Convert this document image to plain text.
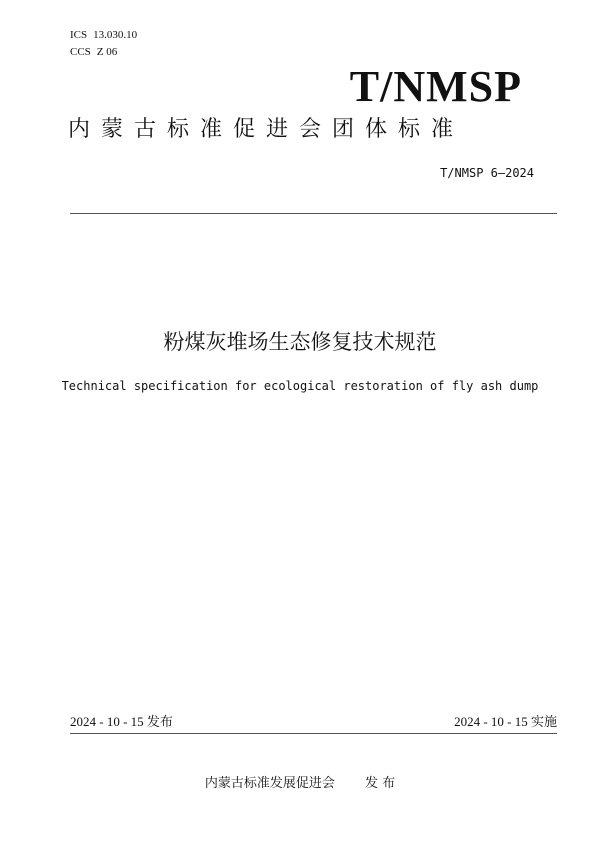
ICS 13.030.10
CCS Z 06
T/NMSP
内蒙古标准促进会团体标准
T/NMSP 6—2024
粉煤灰堆场生态修复技术规范
Technical specification for ecological restoration of fly ash dump
2024 - 10 - 15 发布	2024 - 10 - 15 实施
内蒙古标准发展促进会 发 布
